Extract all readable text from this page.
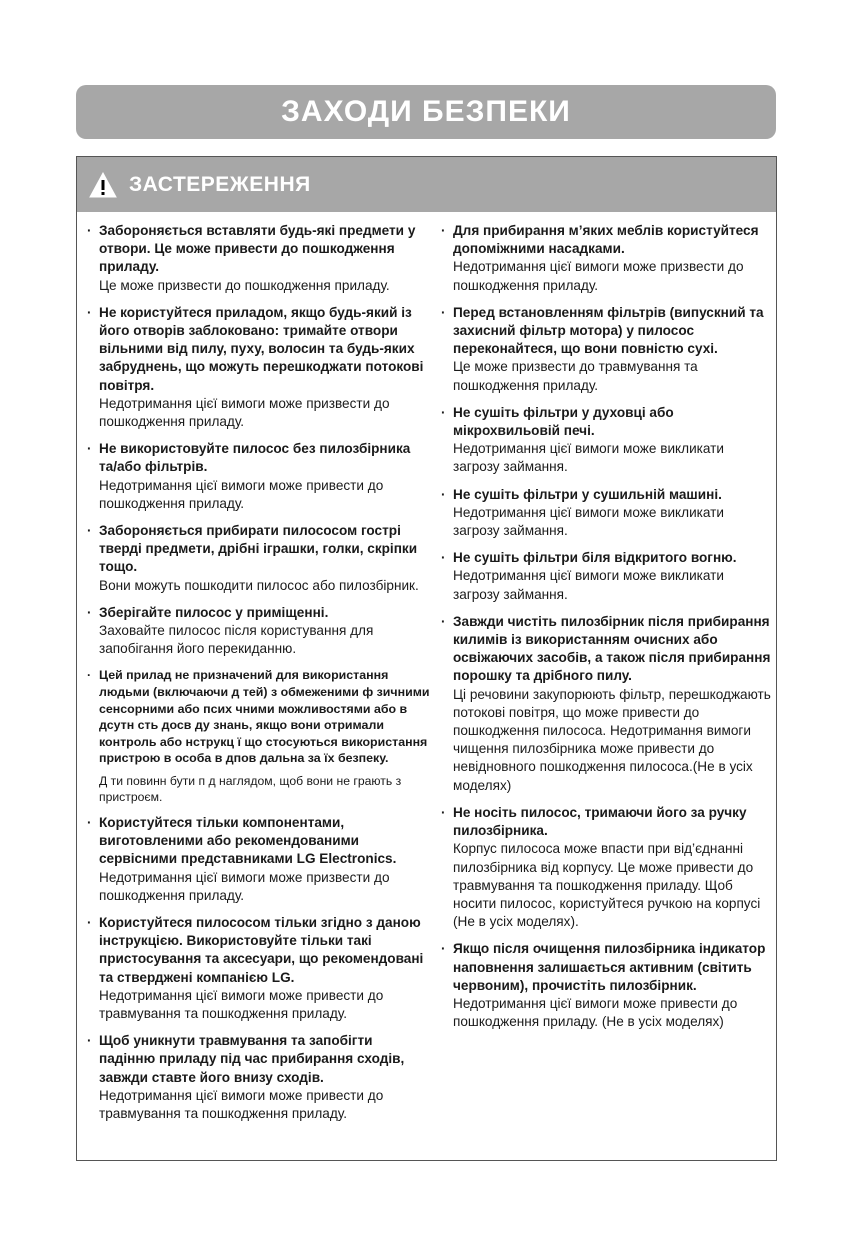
ЗАХОДИ БЕЗПЕКИ
ЗАСТЕРЕЖЕННЯ
· Забороняється вставляти будь-які предмети у отвори. Це може привести до пошкодження приладу.
Це може призвести до пошкодження приладу.
· Не користуйтеся приладом, якщо будь-який із його отворів заблоковано: тримайте отвори вільними від пилу, пуху, волосин та будь-яких забруднень, що можуть перешкоджати потокові повітря.
Недотримання цієї вимоги може призвести до пошкодження приладу.
· Не використовуйте пилосос без пилозбірника та/або фільтрів.
Недотримання цієї вимоги може привести до пошкодження приладу.
· Забороняється прибирати пилососом гострі тверді предмети, дрібні іграшки, голки, скріпки тощо.
Вони можуть пошкодити пилосос або пилозбірник.
· Зберігайте пилосос у приміщенні.
Заховайте пилосос після користування для запобігання його перекиданню.
· Цей прилад не призначений для використання людьми (включаючи д тей) з обмеженими ф зичними сенсорними або псих чними можливостями або в дсутн сть досв ду знань, якщо вони отримали контроль або нструкц ї що стосуються використання пристрою в особа в дпов дальна за їх безпеку.
Д ти повинн бути п д наглядом, щоб вони не грають з пристроєм.
· Користуйтеся тільки компонентами, виготовленими або рекомендованими сервісними представниками LG Electronics.
Недотримання цієї вимоги може призвести до пошкодження приладу.
· Користуйтеся пилососом тільки згідно з даною інструкцією. Використовуйте тільки такі пристосування та аксесуари, що рекомендовані та стверджені компанією LG.
Недотримання цієї вимоги може привести до травмування та пошкодження приладу.
· Щоб уникнути травмування та запобігти падінню приладу під час прибирання сходів, завжди ставте його внизу сходів.
Недотримання цієї вимоги може привести до травмування та пошкодження приладу.
· Для прибирання м’яких меблів користуйтеся допоміжними насадками.
Недотримання цієї вимоги може призвести до пошкодження приладу.
· Перед встановленням фільтрів (випускний та захисний фільтр мотора) у пилосос переконайтеся, що вони повністю сухі.
Це може призвести до травмування та пошкодження приладу.
· Не сушіть фільтри у духовці або мікрохвильовій печі.
Недотримання цієї вимоги може викликати загрозу займання.
· Не сушіть фільтри у сушильній машині.
Недотримання цієї вимоги може викликати загрозу займання.
· Не сушіть фільтри біля відкритого вогню.
Недотримання цієї вимоги може викликати загрозу займання.
· Завжди чистіть пилозбірник після прибирання килимів із використанням очисних або освіжаючих засобів, а також після прибирання порошку та дрібного пилу.
Ці речовини закупорюють фільтр, перешкоджають потокові повітря, що може привести до пошкодження пилососа. Недотримання вимоги чищення пилозбірника може привести до невідновного пошкодження пилососа.(Не в усіх моделях)
· Не носіть пилосос, тримаючи його за ручку пилозбірника.
Корпус пилососа може впасти при від’єднанні пилозбірника від корпусу. Це може привести до травмування та пошкодження приладу. Щоб носити пилосос, користуйтеся ручкою на корпусі (Не в усіх моделях).
· Якщо після очищення пилозбірника індикатор наповнення залишається активним (світить червоним), прочистіть пилозбірник.
Недотримання цієї вимоги може привести до пошкодження приладу. (Не в усіх моделях)
